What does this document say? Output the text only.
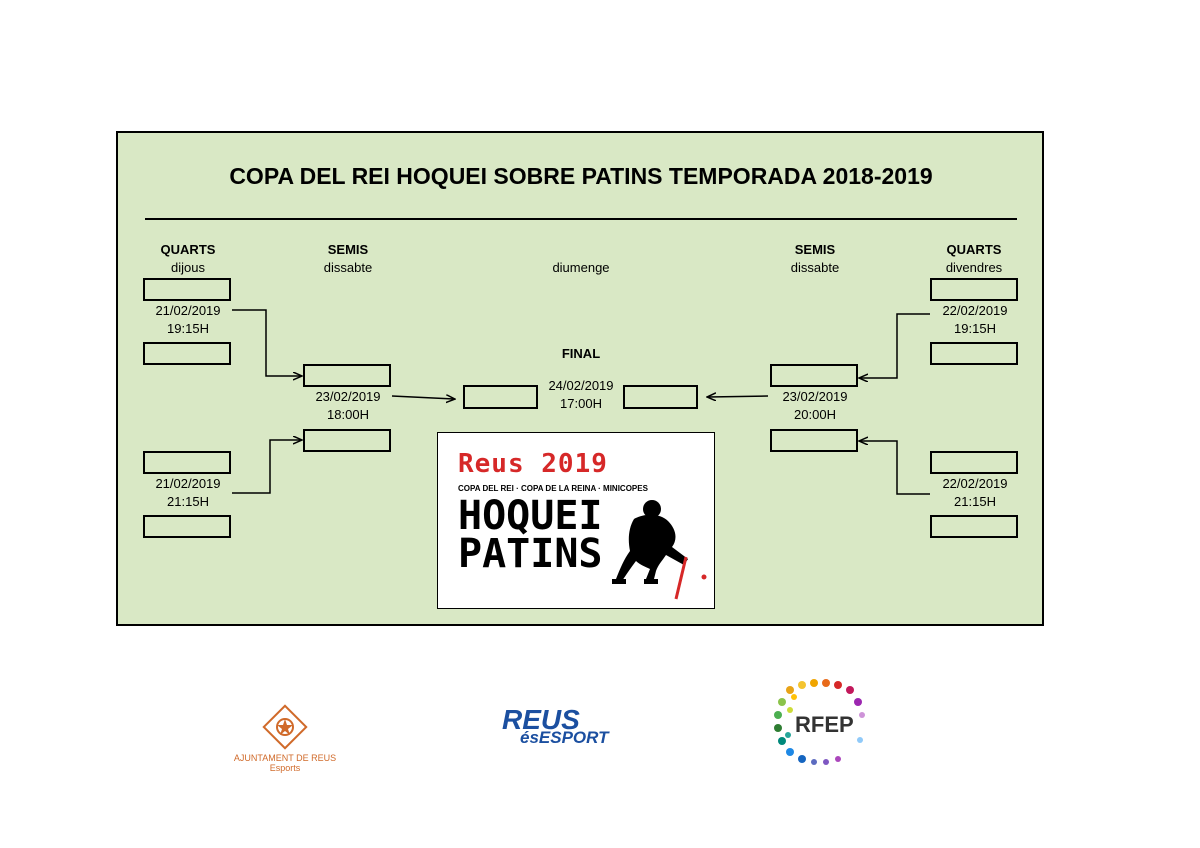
COPA DEL REI HOQUEI SOBRE PATINS TEMPORADA 2018-2019
QUARTS
dijous
SEMIS
dissabte	diumenge
SEMIS
dissabte
QUARTS
divendres
21/02/2019
19:15H
21/02/2019
21:15H
23/02/2019
18:00H
FINAL
24/02/2019
17:00H	23/02/2019
20:00H
22/02/2019
19:15H
22/02/2019
21:15H
Reus 2019
COPA DEL REI · COPA DE LA REINA · MINICOPES
HOQUEI
PATINS
AJUNTAMENT DE REUS
Esports
REUS
ésESPORT
RFEP
